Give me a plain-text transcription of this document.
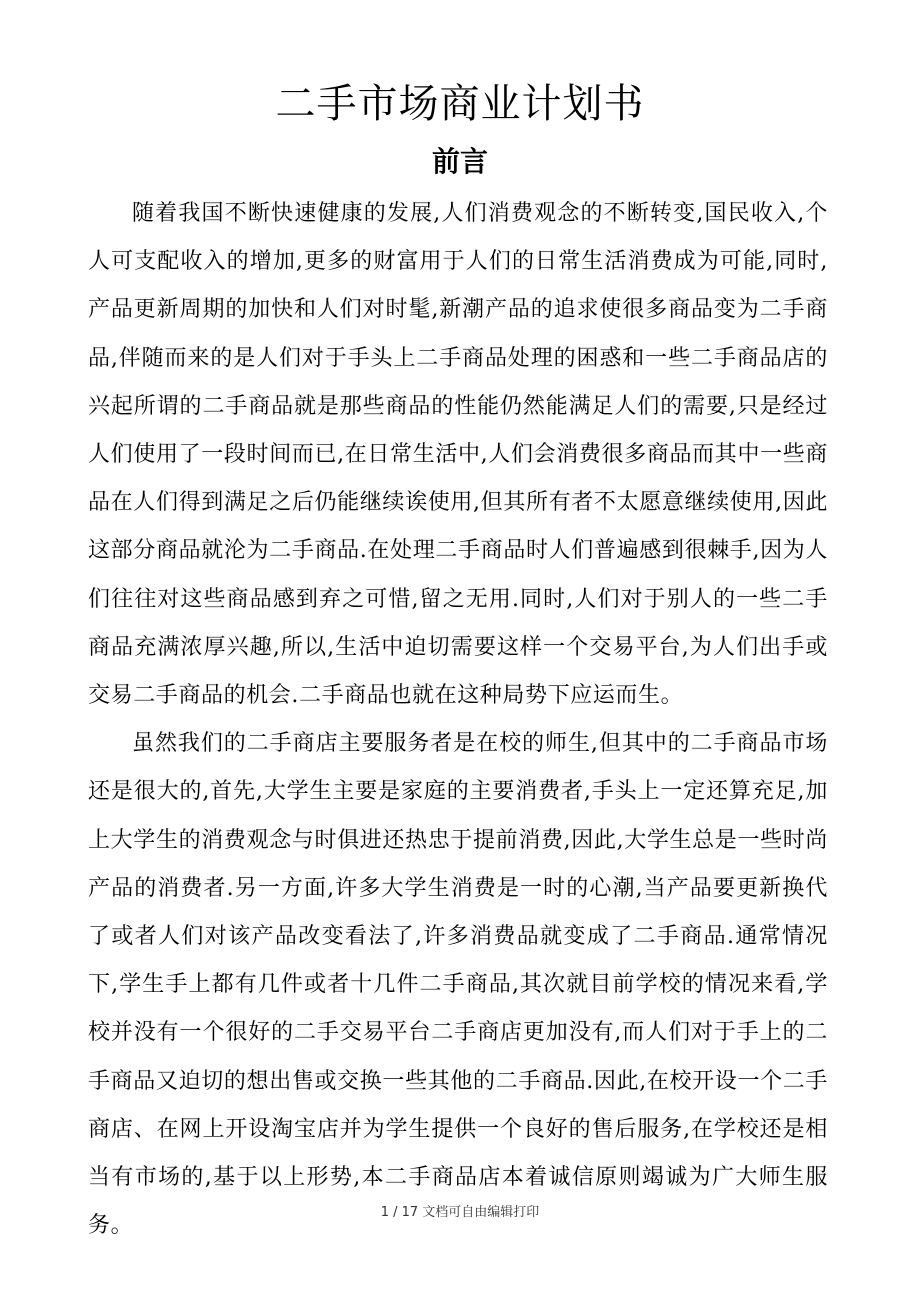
二手市场商业计划书
前言

随着我国不断快速健康的发展,人们消费观念的不断转变,国民收入,个人可支配收入的增加,更多的财富用于人们的日常生活消费成为可能,同时,产品更新周期的加快和人们对时髦,新潮产品的追求使很多商品变为二手商品,伴随而来的是人们对于手头上二手商品处理的困惑和一些二手商品店的兴起所谓的二手商品就是那些商品的性能仍然能满足人们的需要,只是经过人们使用了一段时间而已,在日常生活中,人们会消费很多商品而其中一些商品在人们得到满足之后仍能继续诶使用,但其所有者不太愿意继续使用,因此这部分商品就沦为二手商品.在处理二手商品时人们普遍感到很棘手,因为人们往往对这些商品感到弃之可惜,留之无用.同时,人们对于别人的一些二手商品充满浓厚兴趣,所以,生活中迫切需要这样一个交易平台,为人们出手或交易二手商品的机会.二手商品也就在这种局势下应运而生。

虽然我们的二手商店主要服务者是在校的师生,但其中的二手商品市场还是很大的,首先,大学生主要是家庭的主要消费者,手头上一定还算充足,加上大学生的消费观念与时俱进还热忠于提前消费,因此,大学生总是一些时尚产品的消费者.另一方面,许多大学生消费是一时的心潮,当产品要更新换代了或者人们对该产品改变看法了,许多消费品就变成了二手商品.通常情况下,学生手上都有几件或者十几件二手商品,其次就目前学校的情况来看,学校并没有一个很好的二手交易平台二手商店更加没有,而人们对于手上的二手商品又迫切的想出售或交换一些其他的二手商品.因此,在校开设一个二手商店、在网上开设淘宝店并为学生提供一个良好的售后服务,在学校还是相当有市场的,基于以上形势,本二手商品店本着诚信原则竭诚为广大师生服务。

1 / 17 文档可自由编辑打印
